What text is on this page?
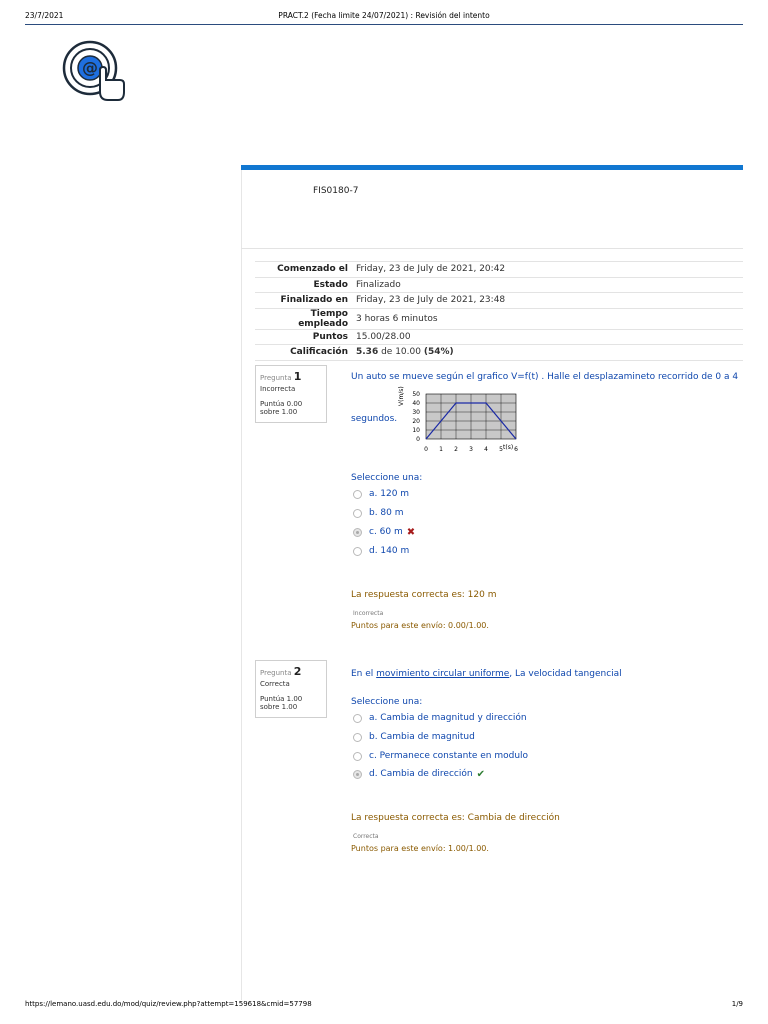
23/7/2021	PRACT.2 (Fecha limite 24/07/2021) : Revisión del intento
@
FIS0180-7
Comenzado el	Friday, 23 de July de 2021, 20:42
Estado	Finalizado
Finalizado en	Friday, 23 de July de 2021, 23:48
Tiempo empleado	3 horas 6 minutos
Puntos	15.00/28.00
Calificación	5.36 de 10.00 (54%)
Pregunta 1
Incorrecta
Puntúa 0.00
sobre 1.00
Un auto se mueve según el grafico V=f(t) . Halle el desplazamineto recorrido de 0 a 4
0
10
20
30
40
50
0 1 2 3 4 5 6
V(m/s)
t(s)
segundos.
Seleccione una:
a. 120 m
b. 80 m
c. 60 m ✖
d. 140 m
La respuesta correcta es: 120 m
Incorrecta
Puntos para este envío: 0.00/1.00.
Pregunta 2
Correcta
Puntúa 1.00
sobre 1.00
En el movimiento circular uniforme, La velocidad tangencial
Seleccione una:
a. Cambia de magnitud y dirección
b. Cambia de magnitud
c. Permanece constante en modulo
d. Cambia de dirección ✔
La respuesta correcta es: Cambia de dirección
Correcta
Puntos para este envío: 1.00/1.00.
https://lemano.uasd.edu.do/mod/quiz/review.php?attempt=159618&cmid=57798	1/9
